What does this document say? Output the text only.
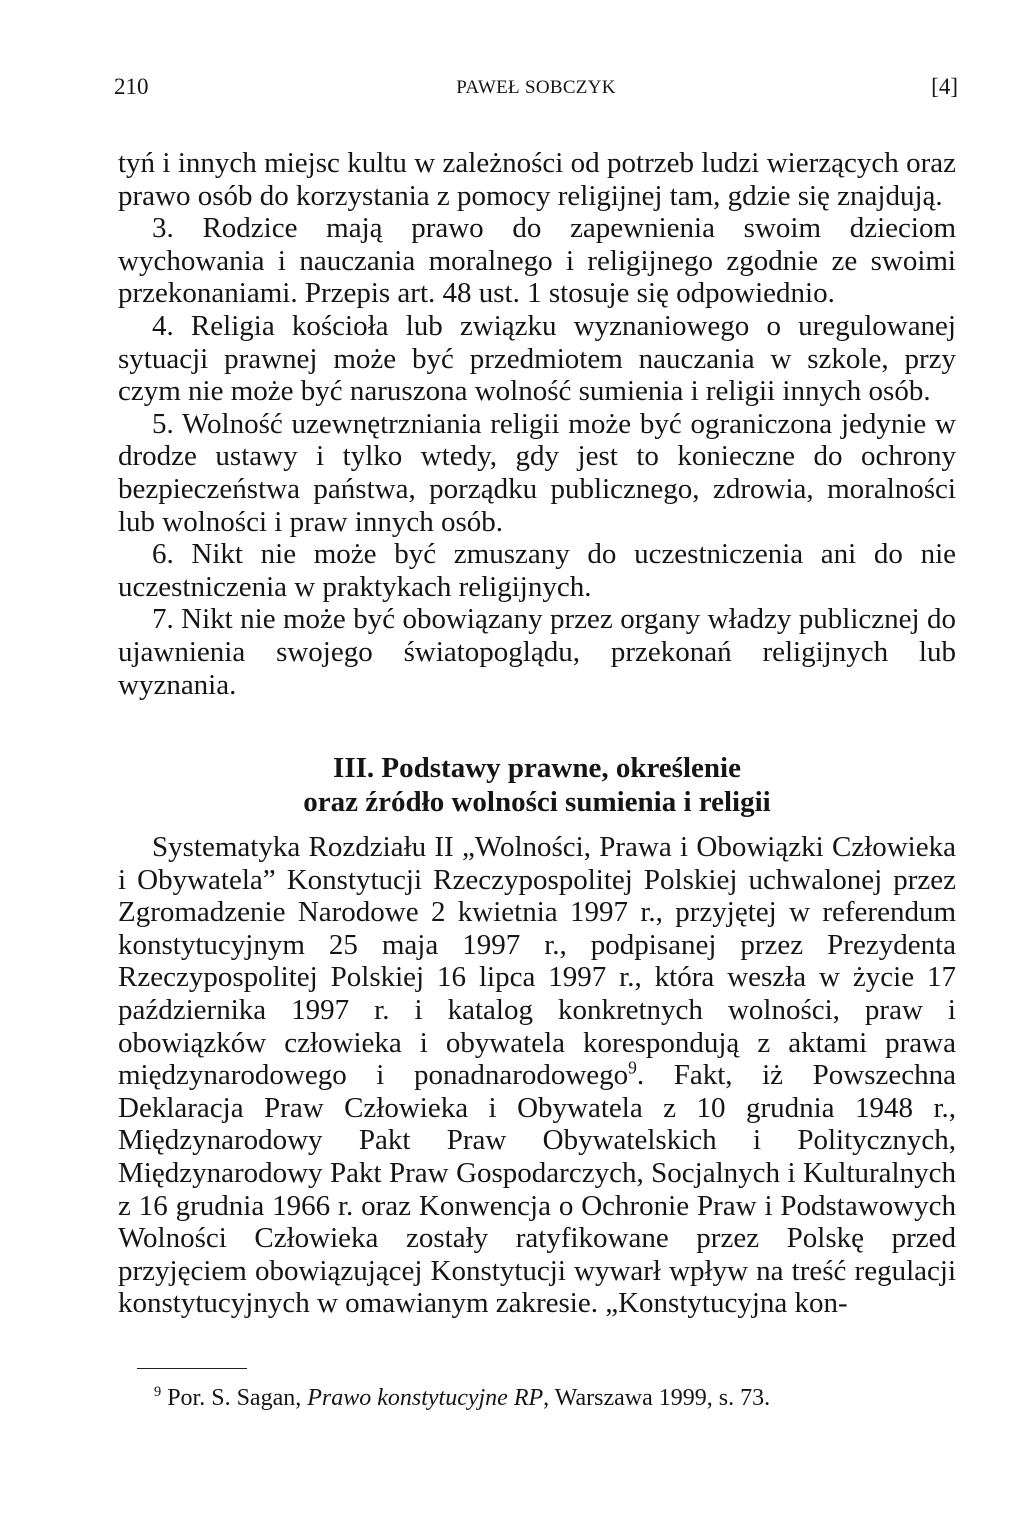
210	PAWEŁ SOBCZYK	[4]

tyń i innych miejsc kultu w zależności od potrzeb ludzi wierzących oraz prawo osób do korzystania z pomocy religijnej tam, gdzie się znajdują.

3. Rodzice mają prawo do zapewnienia swoim dzieciom wychowania i nauczania moralnego i religijnego zgodnie ze swoimi przekonaniami. Przepis art. 48 ust. 1 stosuje się odpowiednio.

4. Religia kościoła lub związku wyznaniowego o uregulowanej sytuacji prawnej może być przedmiotem nauczania w szkole, przy czym nie może być naruszona wolność sumienia i religii innych osób.

5. Wolność uzewnętrzniania religii może być ograniczona jedynie w drodze ustawy i tylko wtedy, gdy jest to konieczne do ochrony bezpieczeństwa państwa, porządku publicznego, zdrowia, moralności lub wolności i praw innych osób.

6. Nikt nie może być zmuszany do uczestniczenia ani do nie uczestniczenia w praktykach religijnych.

7. Nikt nie może być obowiązany przez organy władzy publicznej do ujawnienia swojego światopoglądu, przekonań religijnych lub wyznania.

III. Podstawy prawne, określenie
oraz źródło wolności sumienia i religii

Systematyka Rozdziału II „Wolności, Prawa i Obowiązki Człowieka i Obywatela” Konstytucji Rzeczypospolitej Polskiej uchwalonej przez Zgromadzenie Narodowe 2 kwietnia 1997 r., przyjętej w referendum konstytucyjnym 25 maja 1997 r., podpisanej przez Prezydenta Rzeczypospolitej Polskiej 16 lipca 1997 r., która weszła w życie 17 października 1997 r. i katalog konkretnych wolności, praw i obowiązków człowieka i obywatela korespondują z aktami prawa międzynarodowego i ponadnarodowego$^9$. Fakt, iż Powszechna Deklaracja Praw Człowieka i Obywatela z 10 grudnia 1948 r., Międzynarodowy Pakt Praw Obywatelskich i Politycznych, Międzynarodowy Pakt Praw Gospodarczych, Socjalnych i Kulturalnych z 16 grudnia 1966 r. oraz Konwencja o Ochronie Praw i Podstawowych Wolności Człowieka zostały ratyfikowane przez Polskę przed przyjęciem obowiązującej Konstytucji wywarł wpływ na treść regulacji konstytucyjnych w omawianym zakresie. „Konstytucyjna kon-

$^9$ Por. S. Sagan, Prawo konstytucyjne RP, Warszawa 1999, s. 73.
